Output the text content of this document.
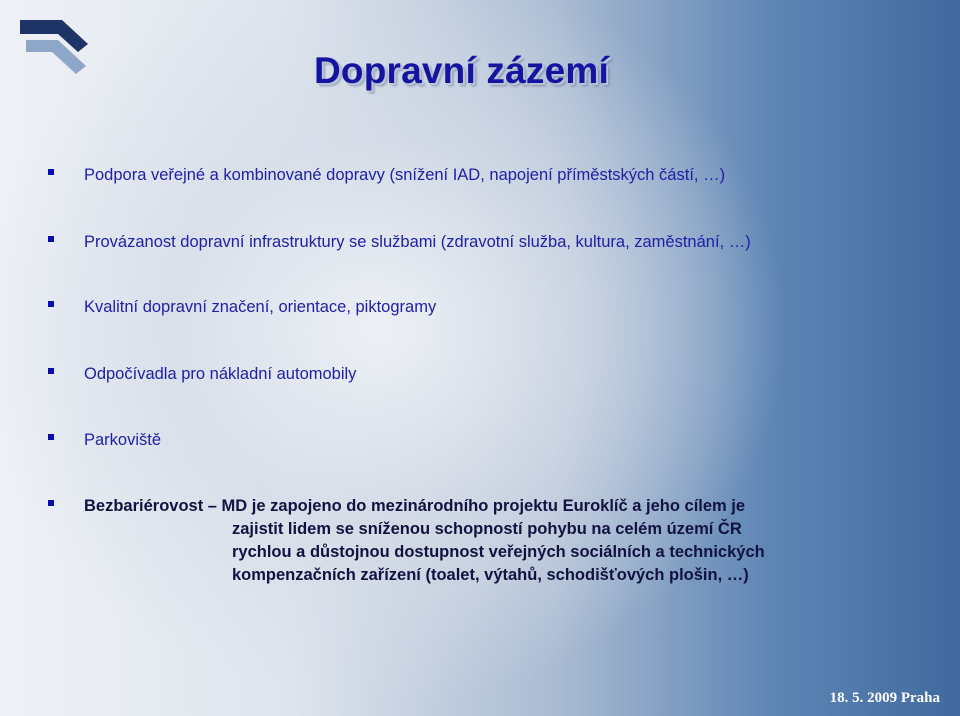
Dopravní zázemí
Podpora veřejné a kombinované dopravy (snížení IAD, napojení příměstských částí, …)
Provázanost dopravní infrastruktury se službami (zdravotní služba, kultura, zaměstnání, …)
Kvalitní dopravní značení, orientace, piktogramy
Odpočívadla pro nákladní automobily
Parkoviště
Bezbariérovost – MD je zapojeno do mezinárodního projektu Euroklíč a jeho cílem je
zajistit lidem se sníženou schopností pohybu na celém území ČR
rychlou a důstojnou dostupnost veřejných sociálních a technických
kompenzačních zařízení (toalet, výtahů, schodišťových plošin, …)
18. 5. 2009 Praha
